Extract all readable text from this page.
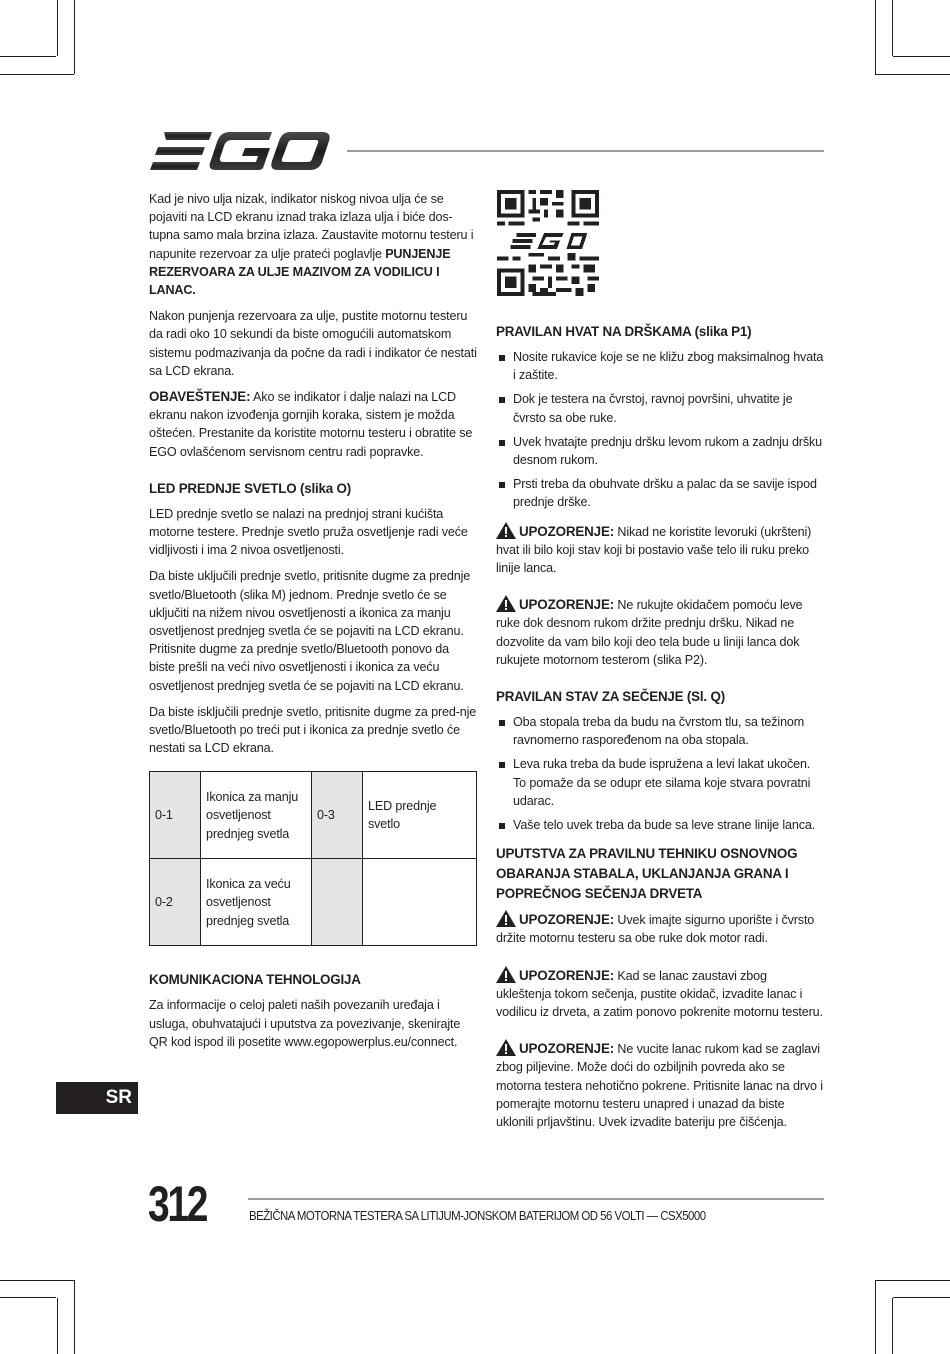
Kad je nivo ulja nizak, indikator niskog nivoa ulja će se pojaviti na LCD ekranu iznad traka izlaza ulja i biće dos-tupna samo mala brzina izlaza. Zaustavite motornu testeru i napunite rezervoar za ulje prateći poglavlje PUNJENJE REZERVOARA ZA ULJE MAZIVOM ZA VODILICU I LANAC.

Nakon punjenja rezervoara za ulje, pustite motornu testeru da radi oko 10 sekundi da biste omogućili automatskom sistemu podmazivanja da počne da radi i indikator će nestati sa LCD ekrana.

OBAVEŠTENJE: Ako se indikator i dalje nalazi na LCD ekranu nakon izvođenja gornjih koraka, sistem je možda oštećen. Prestanite da koristite motornu testeru i obratite se EGO ovlašćenom servisnom centru radi popravke.

LED PREDNJE SVETLO (slika O)

LED prednje svetlo se nalazi na prednjoj strani kućišta motorne testere. Prednje svetlo pruža osvetljenje radi veće vidljivosti i ima 2 nivoa osvetljenosti.

Da biste uključili prednje svetlo, pritisnite dugme za prednje svetlo/Bluetooth (slika M) jednom. Prednje svetlo će se uključiti na nižem nivou osvetljenosti a ikonica za manju osvetljenost prednjeg svetla će se pojaviti na LCD ekranu. Pritisnite dugme za prednje svetlo/Bluetooth ponovo da biste prešli na veći nivo osvetljenosti i ikonica za veću osvetljenost prednjeg svetla će se pojaviti na LCD ekranu.

Da biste isključili prednje svetlo, pritisnite dugme za pred-nje svetlo/Bluetooth po treći put i ikonica za prednje svetlo će nestati sa LCD ekrana.

0-1	Ikonica za manju osvetljenost prednjeg svetla	0-3	LED prednje svetlo
0-2	Ikonica za veću osvetljenost prednjeg svetla		
KOMUNIKACIONA TEHNOLOGIJA

Za informacije o celoj paleti naših povezanih uređaja i usluga, obuhvatajući i uputstva za povezivanje, skenirajte QR kod ispod ili posetite www.egopowerplus.eu/connect.

PRAVILAN HVAT NA DRŠKAMA (slika P1)
Nosite rukavice koje se ne kližu zbog maksimalnog hvata i zaštite.
Dok je testera na čvrstoj, ravnoj površini, uhvatite je čvrsto sa obe ruke.
Uvek hvatajte prednju dršku levom rukom a zadnju dršku desnom rukom.
Prsti treba da obuhvate dršku a palac da se savije ispod prednje drške.

UPOZORENJE: Nikad ne koristite levoruki (ukršteni) hvat ili bilo koji stav koji bi postavio vaše telo ili ruku preko linije lanca.

UPOZORENJE: Ne rukujte okidačem pomoću leve ruke dok desnom rukom držite prednju dršku. Nikad ne dozvolite da vam bilo koji deo tela bude u liniji lanca dok rukujete motornom testerom (slika P2).

PRAVILAN STAV ZA SEČENJE (Sl. Q)
Oba stopala treba da budu na čvrstom tlu, sa težinom ravnomerno raspoređenom na oba stopala.
Leva ruka treba da bude ispružena a levi lakat ukočen. To pomaže da se odupr ete silama koje stvara povratni udarac.
Vaše telo uvek treba da bude sa leve strane linije lanca.
UPUTSTVA ZA PRAVILNU TEHNIKU OSNOVNOG OBARANJA STABALA, UKLANJANJA GRANA I POPREČNOG SEČENJA DRVETA

UPOZORENJE: Uvek imajte sigurno uporište i čvrsto držite motornu testeru sa obe ruke dok motor radi.

UPOZORENJE: Kad se lanac zaustavi zbog ukleštenja tokom sečenja, pustite okidač, izvadite lanac i vodilicu iz drveta, a zatim ponovo pokrenite motornu testeru.

UPOZORENJE: Ne vucite lanac rukom kad se zaglavi zbog piljevine. Može doći do ozbiljnih povreda ako se motorna testera nehotično pokrene. Pritisnite lanac na drvo i pomerajte motornu testeru unapred i unazad da biste uklonili prljavštinu. Uvek izvadite bateriju pre čišćenja.

SR
312	BEŽIČNA MOTORNA TESTERA SA LITIJUM-JONSKOM BATERIJOM OD 56 VOLTI — CSX5000
